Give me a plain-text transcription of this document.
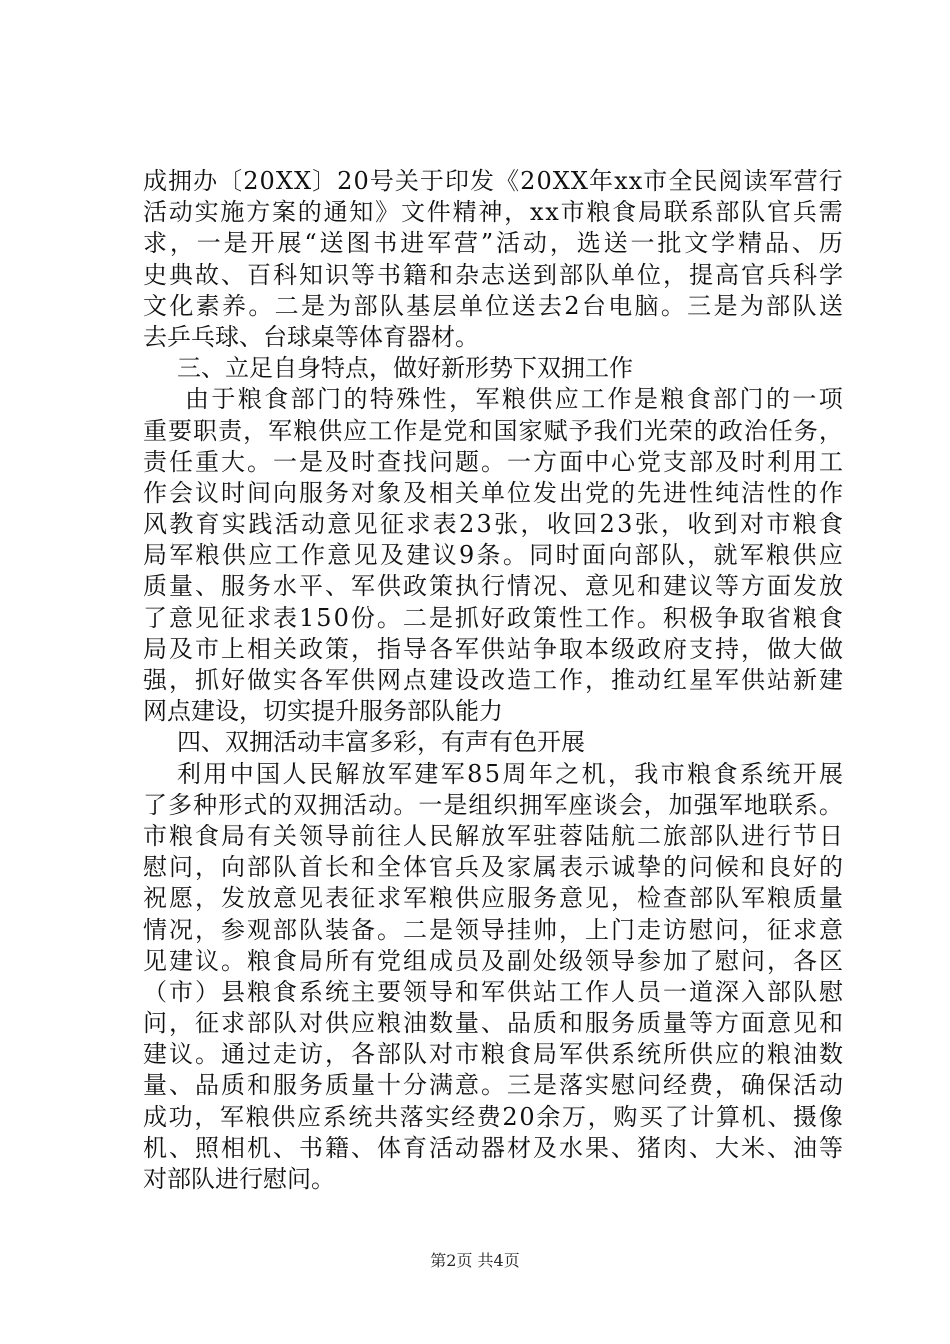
成 拥 办 〔 2 0 X X 〕 2 0 号 关 于 印 发 《 2 0 X X 年 x x 市 全 民 阅 读 军 营 行
活 动 实 施 方 案 的 通 知 》 文 件 精 神 ， x x 市 粮 食 局 联 系 部 队 官 兵 需
求 ， 一 是 开 展 “ 送 图 书 进 军 营 ” 活 动 ， 选 送 一 批 文 学 精 品 、 历
史 典 故 、 百 科 知 识 等 书 籍 和 杂 志 送 到 部 队 单 位 ， 提 高 官 兵 科 学
文 化 素 养 。 二 是 为 部 队 基 层 单 位 送 去 2 台 电 脑 。 三 是 为 部 队 送
去乒乓球、台球桌等体育器材。
三、立足自身特点，做好新形势下双拥工作
由 于 粮 食 部 门 的 特 殊 性 ， 军 粮 供 应 工 作 是 粮 食 部 门 的 一 项
重 要 职 责 ， 军 粮 供 应 工 作 是 党 和 国 家 赋 予 我 们 光 荣 的 政 治 任 务 ，
责 任 重 大 。 一 是 及 时 查 找 问 题 。 一 方 面 中 心 党 支 部 及 时 利 用 工
作 会 议 时 间 向 服 务 对 象 及 相 关 单 位 发 出 党 的 先 进 性 纯 洁 性 的 作
风 教 育 实 践 活 动 意 见 征 求 表 2 3 张 ， 收 回 2 3 张 ， 收 到 对 市 粮 食
局 军 粮 供 应 工 作 意 见 及 建 议 9 条 。 同 时 面 向 部 队 ， 就 军 粮 供 应
质 量 、 服 务 水 平 、 军 供 政 策 执 行 情 况 、 意 见 和 建 议 等 方 面 发 放
了 意 见 征 求 表 1 5 0 份 。 二 是 抓 好 政 策 性 工 作 。 积 极 争 取 省 粮 食
局 及 市 上 相 关 政 策 ， 指 导 各 军 供 站 争 取 本 级 政 府 支 持 ， 做 大 做
强 ， 抓 好 做 实 各 军 供 网 点 建 设 改 造 工 作 ， 推 动 红 星 军 供 站 新 建
网点建设，切实提升服务部队能力
四、双拥活动丰富多彩，有声有色开展
利 用 中 国 人 民 解 放 军 建 军 8 5 周 年 之 机 ， 我 市 粮 食 系 统 开 展
了 多 种 形 式 的 双 拥 活 动 。 一 是 组 织 拥 军 座 谈 会 ， 加 强 军 地 联 系 。
市 粮 食 局 有 关 领 导 前 往 人 民 解 放 军 驻 蓉 陆 航 二 旅 部 队 进 行 节 日
慰 问 ， 向 部 队 首 长 和 全 体 官 兵 及 家 属 表 示 诚 挚 的 问 候 和 良 好 的
祝 愿 ， 发 放 意 见 表 征 求 军 粮 供 应 服 务 意 见 ， 检 查 部 队 军 粮 质 量
情 况 ， 参 观 部 队 装 备 。 二 是 领 导 挂 帅 ， 上 门 走 访 慰 问 ， 征 求 意
见 建 议 。 粮 食 局 所 有 党 组 成 员 及 副 处 级 领 导 参 加 了 慰 问 ， 各 区
（ 市 ） 县 粮 食 系 统 主 要 领 导 和 军 供 站 工 作 人 员 一 道 深 入 部 队 慰
问 ， 征 求 部 队 对 供 应 粮 油 数 量 、 品 质 和 服 务 质 量 等 方 面 意 见 和
建 议 。 通 过 走 访 ， 各 部 队 对 市 粮 食 局 军 供 系 统 所 供 应 的 粮 油 数
量 、 品 质 和 服 务 质 量 十 分 满 意 。 三 是 落 实 慰 问 经 费 ， 确 保 活 动
成 功 ， 军 粮 供 应 系 统 共 落 实 经 费 2 0 余 万 ， 购 买 了 计 算 机 、 摄 像
机 、 照 相 机 、 书 籍 、 体 育 活 动 器 材 及 水 果 、 猪 肉 、 大 米 、 油 等
对部队进行慰问。
第2页 共4页
